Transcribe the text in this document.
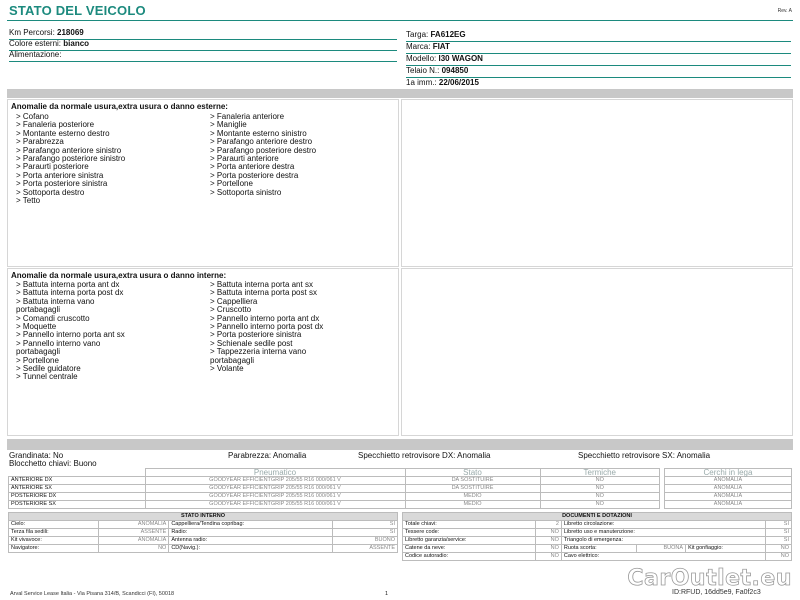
STATO DEL VEICOLO	Rev. A
Km Percorsi: 218069
Colore esterni: bianco
Alimentazione:
Targa: FA612EG
Marca: FIAT
Modello: I30 WAGON
Telaio N.: 094850
1a imm.: 22/06/2015
Anomalie da normale usura,extra usura o danno esterne:
> Cofano
> Fanaleria posteriore
> Montante esterno destro
> Parabrezza
> Parafango anteriore sinistro
> Parafango posteriore sinistro
> Paraurti posteriore
> Porta anteriore sinistra
> Porta posteriore sinistra
> Sottoporta destro
> Tetto
> Fanaleria anteriore
> Maniglie
> Montante esterno sinistro
> Parafango anteriore destro
> Parafango posteriore destro
> Paraurti anteriore
> Porta anteriore destra
> Porta posteriore destra
> Portellone
> Sottoporta sinistro
Anomalie da normale usura,extra usura o danno interne:
> Battuta interna porta ant dx
> Battuta interna porta post dx
> Battuta interna vano
portabagagli
> Comandi cruscotto
> Moquette
> Pannello interno porta ant sx
> Pannello interno vano
portabagagli
> Portellone
> Sedile guidatore
> Tunnel centrale
> Battuta interna porta ant sx
> Battuta interna porta post sx
> Cappelliera
> Cruscotto
> Pannello interno porta ant dx
> Pannello interno porta post dx
> Porta posteriore sinistra
> Schienale sedile post
> Tappezzeria interna vano
portabagagli
> Volante
Grandinata: No	Parabrezza: Anomalia	Specchietto retrovisore DX: Anomalia	Specchietto retrovisore SX: Anomalia
Blocchetto chiavi: Buono
	Pneumatico	Stato	Termiche
ANTERIORE DX	GOODYEAR EFFICIENTGRIP 205/55 R16 000/061 V	DA SOSTITUIRE	NO
ANTERIORE SX	GOODYEAR EFFICIENTGRIP 205/55 R16 000/061 V	DA SOSTITUIRE	NO
POSTERIORE DX	GOODYEAR EFFICIENTGRIP 205/55 R16 000/061 V	MEDIO	NO
POSTERIORE SX	GOODYEAR EFFICIENTGRIP 205/55 R16 000/061 V	MEDIO	NO
Cerchi in lega
ANOMALIA
ANOMALIA
ANOMALIA
ANOMALIA
STATO INTERNO			
Cielo:	ANOMALIA	Cappelliera/Tendina copribag:	SI
Terza fila sedili:	ASSENTE	Radio:	SI
Kit vivavoce:	ANOMALIA	Antenna radio:	BUONO
Navigatore:	NO	CD(Navig.):	ASSENTE
DOCUMENTI E DOTAZIONI					
Totale chiavi:	2	Libretto circolazione:			SI
Tessere code:	NO	Libretto uso e manutenzione:			SI
Libretto garanzia/service:	NO	Triangolo di emergenza:			SI
Catene da neve:	NO	Ruota scorta:	BUONA	Kit gonfiaggio:	NO
Codice autoradio:	NO	Cavo elettrico:			NO
Arval Service Lease Italia - Via Pisana 314/B, Scandicci (FI), 50018	1	ID:RFUD, 16dd5e9, Fa0f2c3
CarOutlet.eu
